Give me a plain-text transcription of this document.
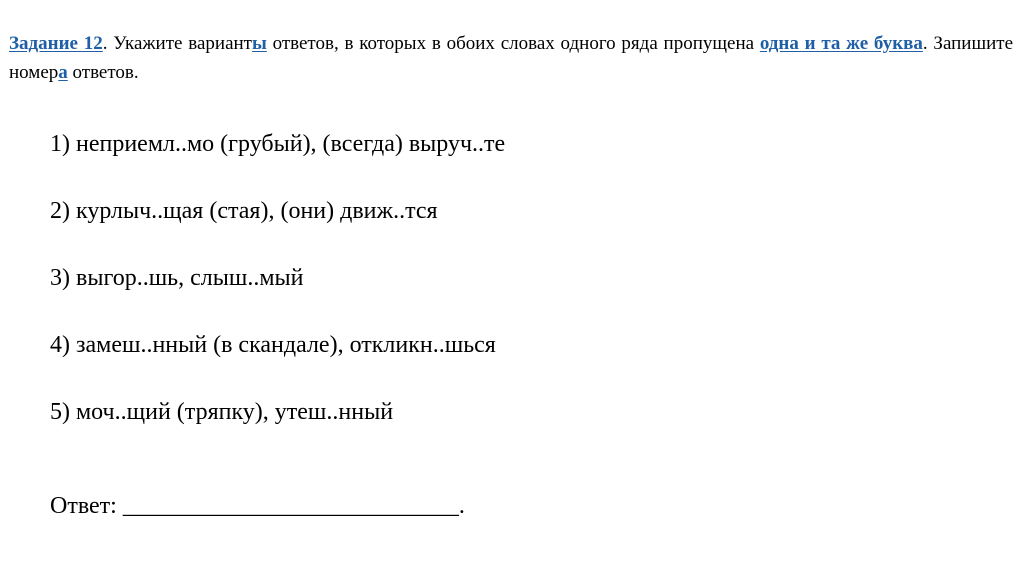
Задание 12. Укажите варианты ответов, в которых в обоих словах одного ряда пропущена одна и та же буква. Запишите номера ответов.
1) неприемл..мо (грубый), (всегда) выруч..те
2) курлыч..щая (стая), (они) движ..тся
3) выгор..шь, слыш..мый
4) замеш..нный (в скандале), откликн..шься
5) моч..щий (тряпку), утеш..нный
Ответ: ____________________________.
